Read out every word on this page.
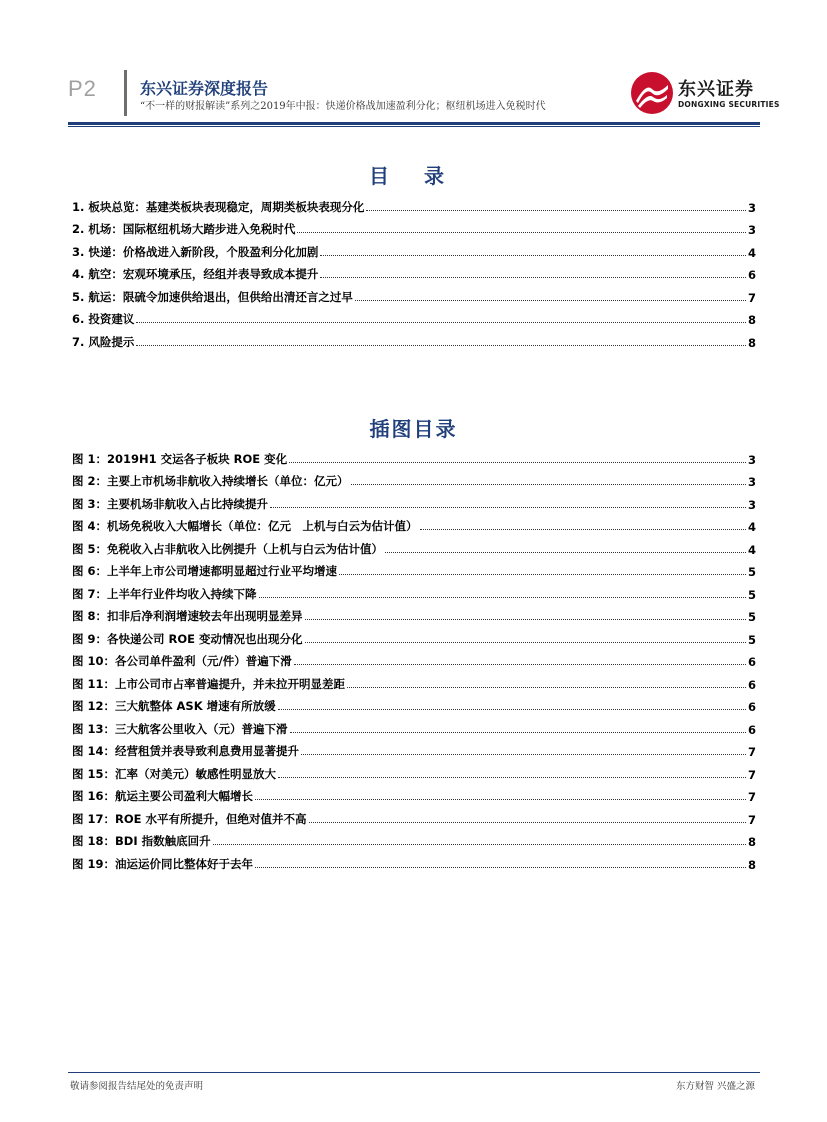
P2	东兴证券深度报告
“不一样的财报解读”系列之2019年中报：快递价格战加速盈利分化；枢纽机场进入免税时代
东兴证券
DONGXING SECURITIES
目 录
1. 板块总览：基建类板块表现稳定，周期类板块表现分化	3
2. 机场：国际枢纽机场大踏步进入免税时代	3
3. 快递：价格战进入新阶段，个股盈利分化加剧	4
4. 航空：宏观环境承压，经组并表导致成本提升	6
5. 航运：限硫令加速供给退出，但供给出清还言之过早	7
6. 投资建议	8
7. 风险提示	8
插图目录
图 1：2019H1 交运各子板块 ROE 变化	3
图 2：主要上市机场非航收入持续增长（单位：亿元）	3
图 3：主要机场非航收入占比持续提升	3
图 4：机场免税收入大幅增长（单位：亿元　上机与白云为估计值）	4
图 5：免税收入占非航收入比例提升（上机与白云为估计值）	4
图 6：上半年上市公司增速都明显超过行业平均增速	5
图 7：上半年行业件均收入持续下降	5
图 8：扣非后净利润增速较去年出现明显差异	5
图 9：各快递公司 ROE 变动情况也出现分化	5
图 10：各公司单件盈利（元/件）普遍下滑	6
图 11：上市公司市占率普遍提升，并未拉开明显差距	6
图 12：三大航整体 ASK 增速有所放缓	6
图 13：三大航客公里收入（元）普遍下滑	6
图 14：经营租赁并表导致利息费用显著提升	7
图 15：汇率（对美元）敏感性明显放大	7
图 16：航运主要公司盈利大幅增长	7
图 17：ROE 水平有所提升，但绝对值并不高	7
图 18：BDI 指数触底回升	8
图 19：油运运价同比整体好于去年	8
敬请参阅报告结尾处的免责声明	东方财智 兴盛之源
